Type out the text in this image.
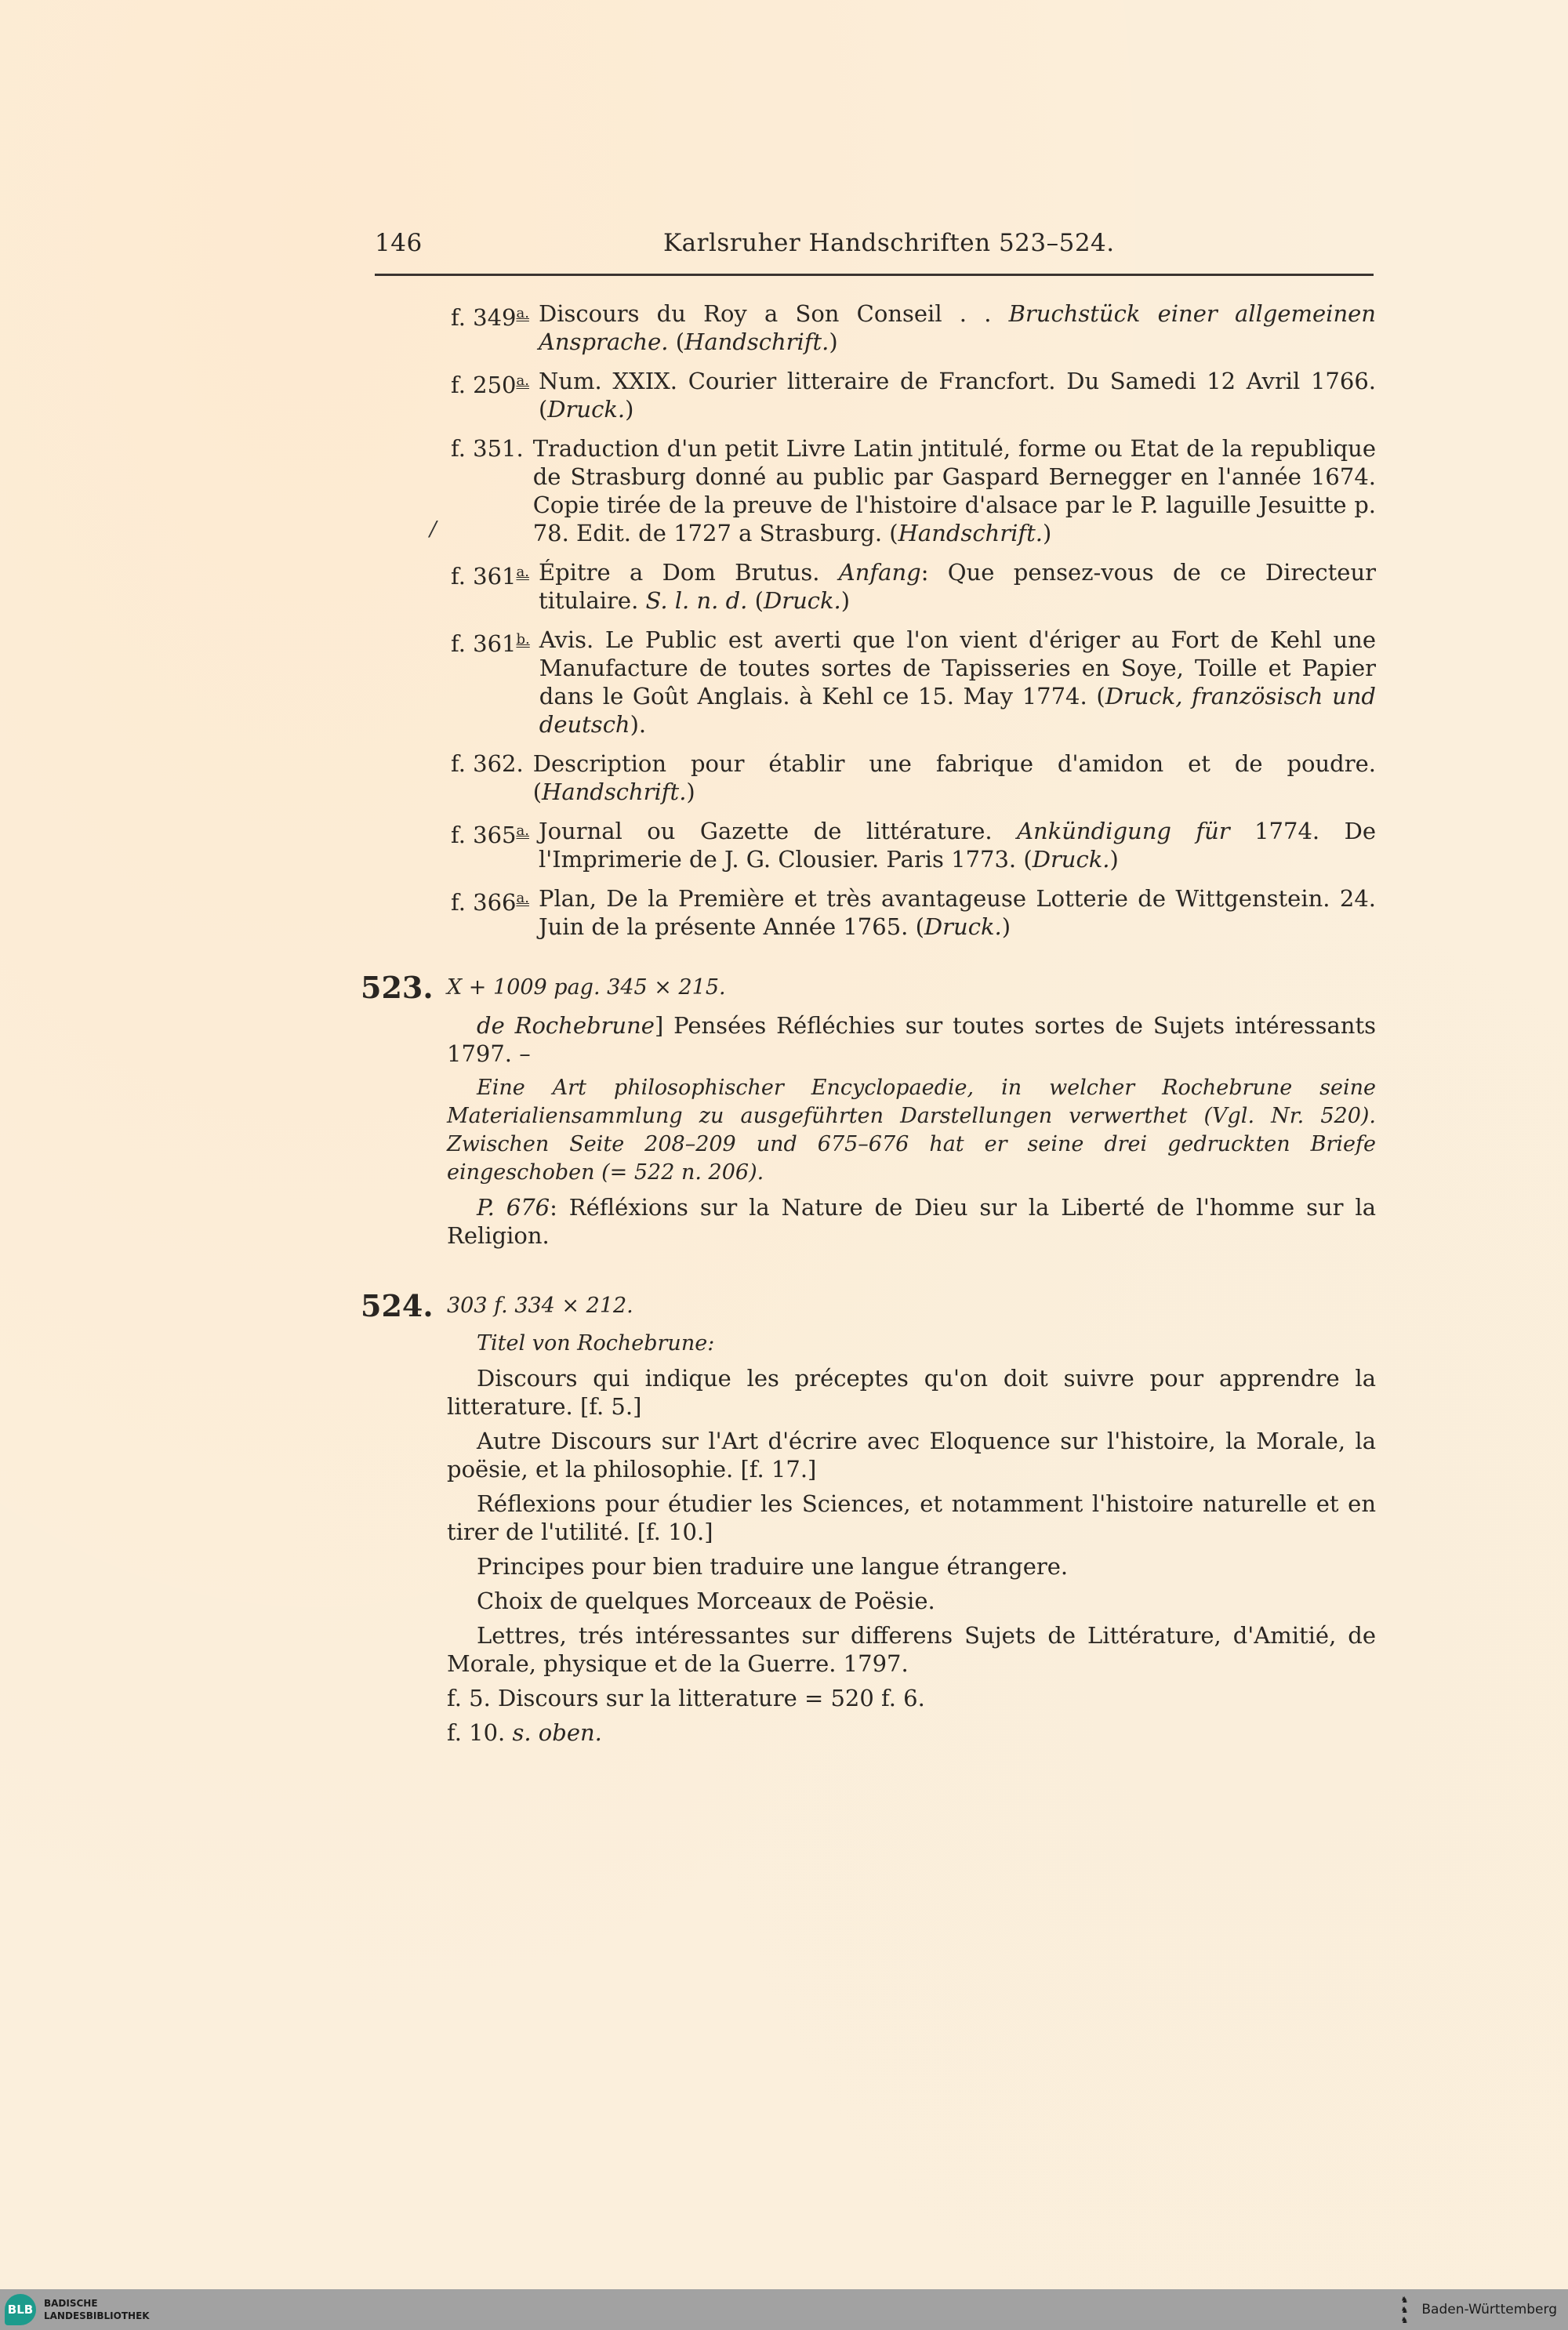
146	Karlsruher Handschriften 523–524.
f. $349^{a.}$ Discours du Roy a Son Conseil . . Bruchstück einer allgemeinen Ansprache. (Handschrift.)
f. $250^{a.}$ Num. XXIX. Courier litteraire de Francfort. Du Samedi 12 Avril 1766. (Druck.)
f. 351. Traduction d'un petit Livre Latin jntitulé, forme ou Etat de la republique de Strasburg donné au public par Gaspard Bernegger en l'année 1674. Copie tirée de la preuve de l'histoire d'alsace par le P. laguille Jesuitte p. 78. Edit. de 1727 a Strasburg. (Handschrift.)
f. $361^{a.}$ Épitre a Dom Brutus. Anfang: Que pensez-vous de ce Directeur titulaire. S. l. n. d. (Druck.)
f. $361^{b.}$ Avis. Le Public est averti que l'on vient d'ériger au Fort de Kehl une Manufacture de toutes sortes de Tapisseries en Soye, Toille et Papier dans le Goût Anglais. à Kehl ce 15. May 1774. (Druck, französisch und deutsch).
f. 362. Description pour établir une fabrique d'amidon et de poudre. (Handschrift.)
f. $365^{a.}$ Journal ou Gazette de littérature. Ankündigung für 1774. De l'Imprimerie de J. G. Clousier. Paris 1773. (Druck.)
f. $366^{a.}$ Plan, De la Première et très avantageuse Lotterie de Wittgenstein. 24. Juin de la présente Année 1765. (Druck.)
523. X + 1009 pag. 345 × 215.
de Rochebrune] Pensées Réfléchies sur toutes sortes de Sujets intéressants 1797. –
Eine Art philosophischer Encyclopaedie, in welcher Rochebrune seine Materialiensammlung zu ausgeführten Darstellungen verwerthet (Vgl. Nr. 520). Zwischen Seite 208–209 und 675–676 hat er seine drei gedruckten Briefe eingeschoben (= 522 n. 206).
P. 676: Réfléxions sur la Nature de Dieu sur la Liberté de l'homme sur la Religion.
524. 303 f. 334 × 212.
Titel von Rochebrune:
Discours qui indique les préceptes qu'on doit suivre pour apprendre la litterature. [f. 5.]
Autre Discours sur l'Art d'écrire avec Eloquence sur l'histoire, la Morale, la poësie, et la philosophie. [f. 17.]
Réflexions pour étudier les Sciences, et notamment l'histoire naturelle et en tirer de l'utilité. [f. 10.]
Principes pour bien traduire une langue étrangere.
Choix de quelques Morceaux de Poësie.
Lettres, trés intéressantes sur differens Sujets de Littérature, d'Amitié, de Morale, physique et de la Guerre. 1797.
f. 5. Discours sur la litterature = 520 f. 6.
f. 10. s. oben.
/
BLB	BADISCHE
LANDESBIBLIOTHEK
♞
♞
♞
Baden-Württemberg
